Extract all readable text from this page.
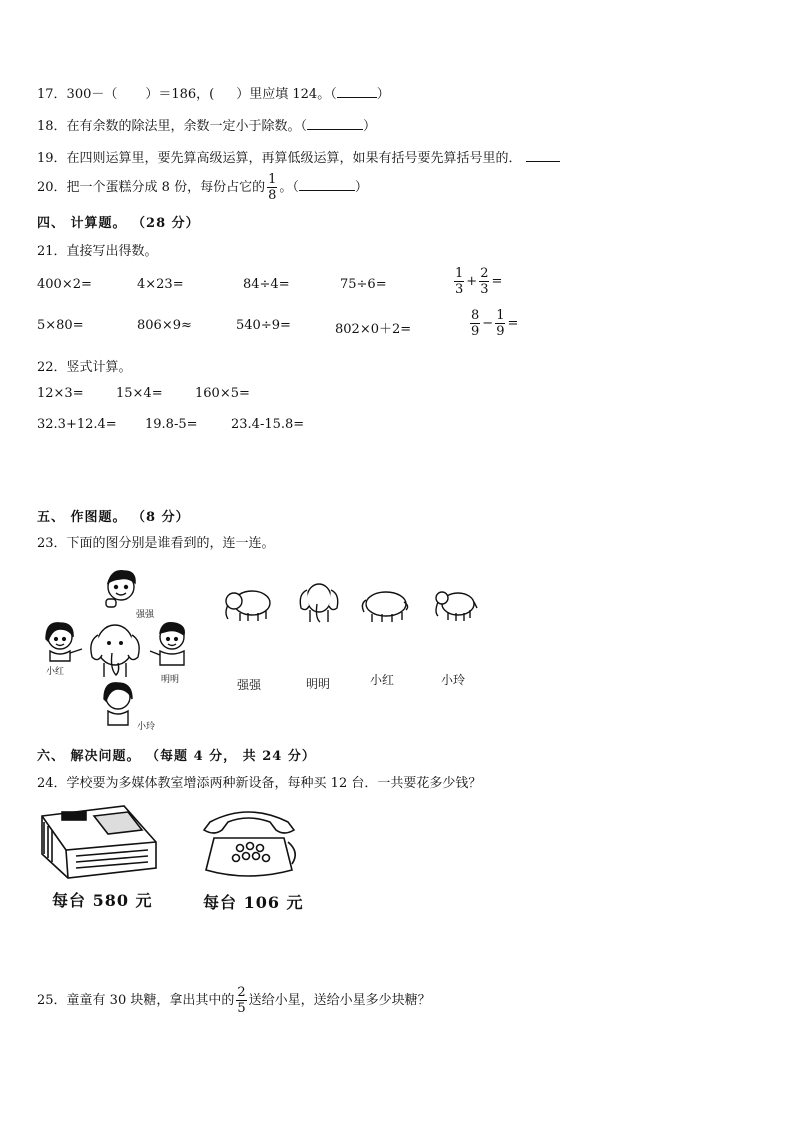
17．300－（ ）＝186，( ）里应填 124。（	）
18．在有余数的除法里，余数一定小于除数。（	）
19．在四则运算里，要先算高级运算，再算低级运算，如果有括号要先算括号里的．
20．把一个蛋糕分成 8 份，每份占它的 $\frac{1}{8}$ 。（	）
四、 计算题。 （28 分）
21．直接写出得数。
400×2=	4×23=	84÷4=	75÷6=	$\frac{1}{3} + \frac{2}{3}$ =
5×80=	806×9≈	540÷9=	802×0＋2=	$\frac{8}{9} - \frac{1}{9}$ =
22．竖式计算。
12×3= 15×4= 160×5=
32.3+12.4= 19.8-5=	23.4-15.8=
五、 作图题。 （8 分）
23．下面的图分别是谁看到的，连一连。
强强
小红
明明
小玲
强强	明明	小红	小玲
六、 解决问题。 （每题 4 分， 共 24 分）
24．学校要为多媒体教室增添两种新设备，每种买 12 台．一共要花多少钱？
每台 580 元	每台 106 元
25．童童有 30 块糖，拿出其中的 $\frac{2}{5}$ 送给小星，送给小星多少块糖？
